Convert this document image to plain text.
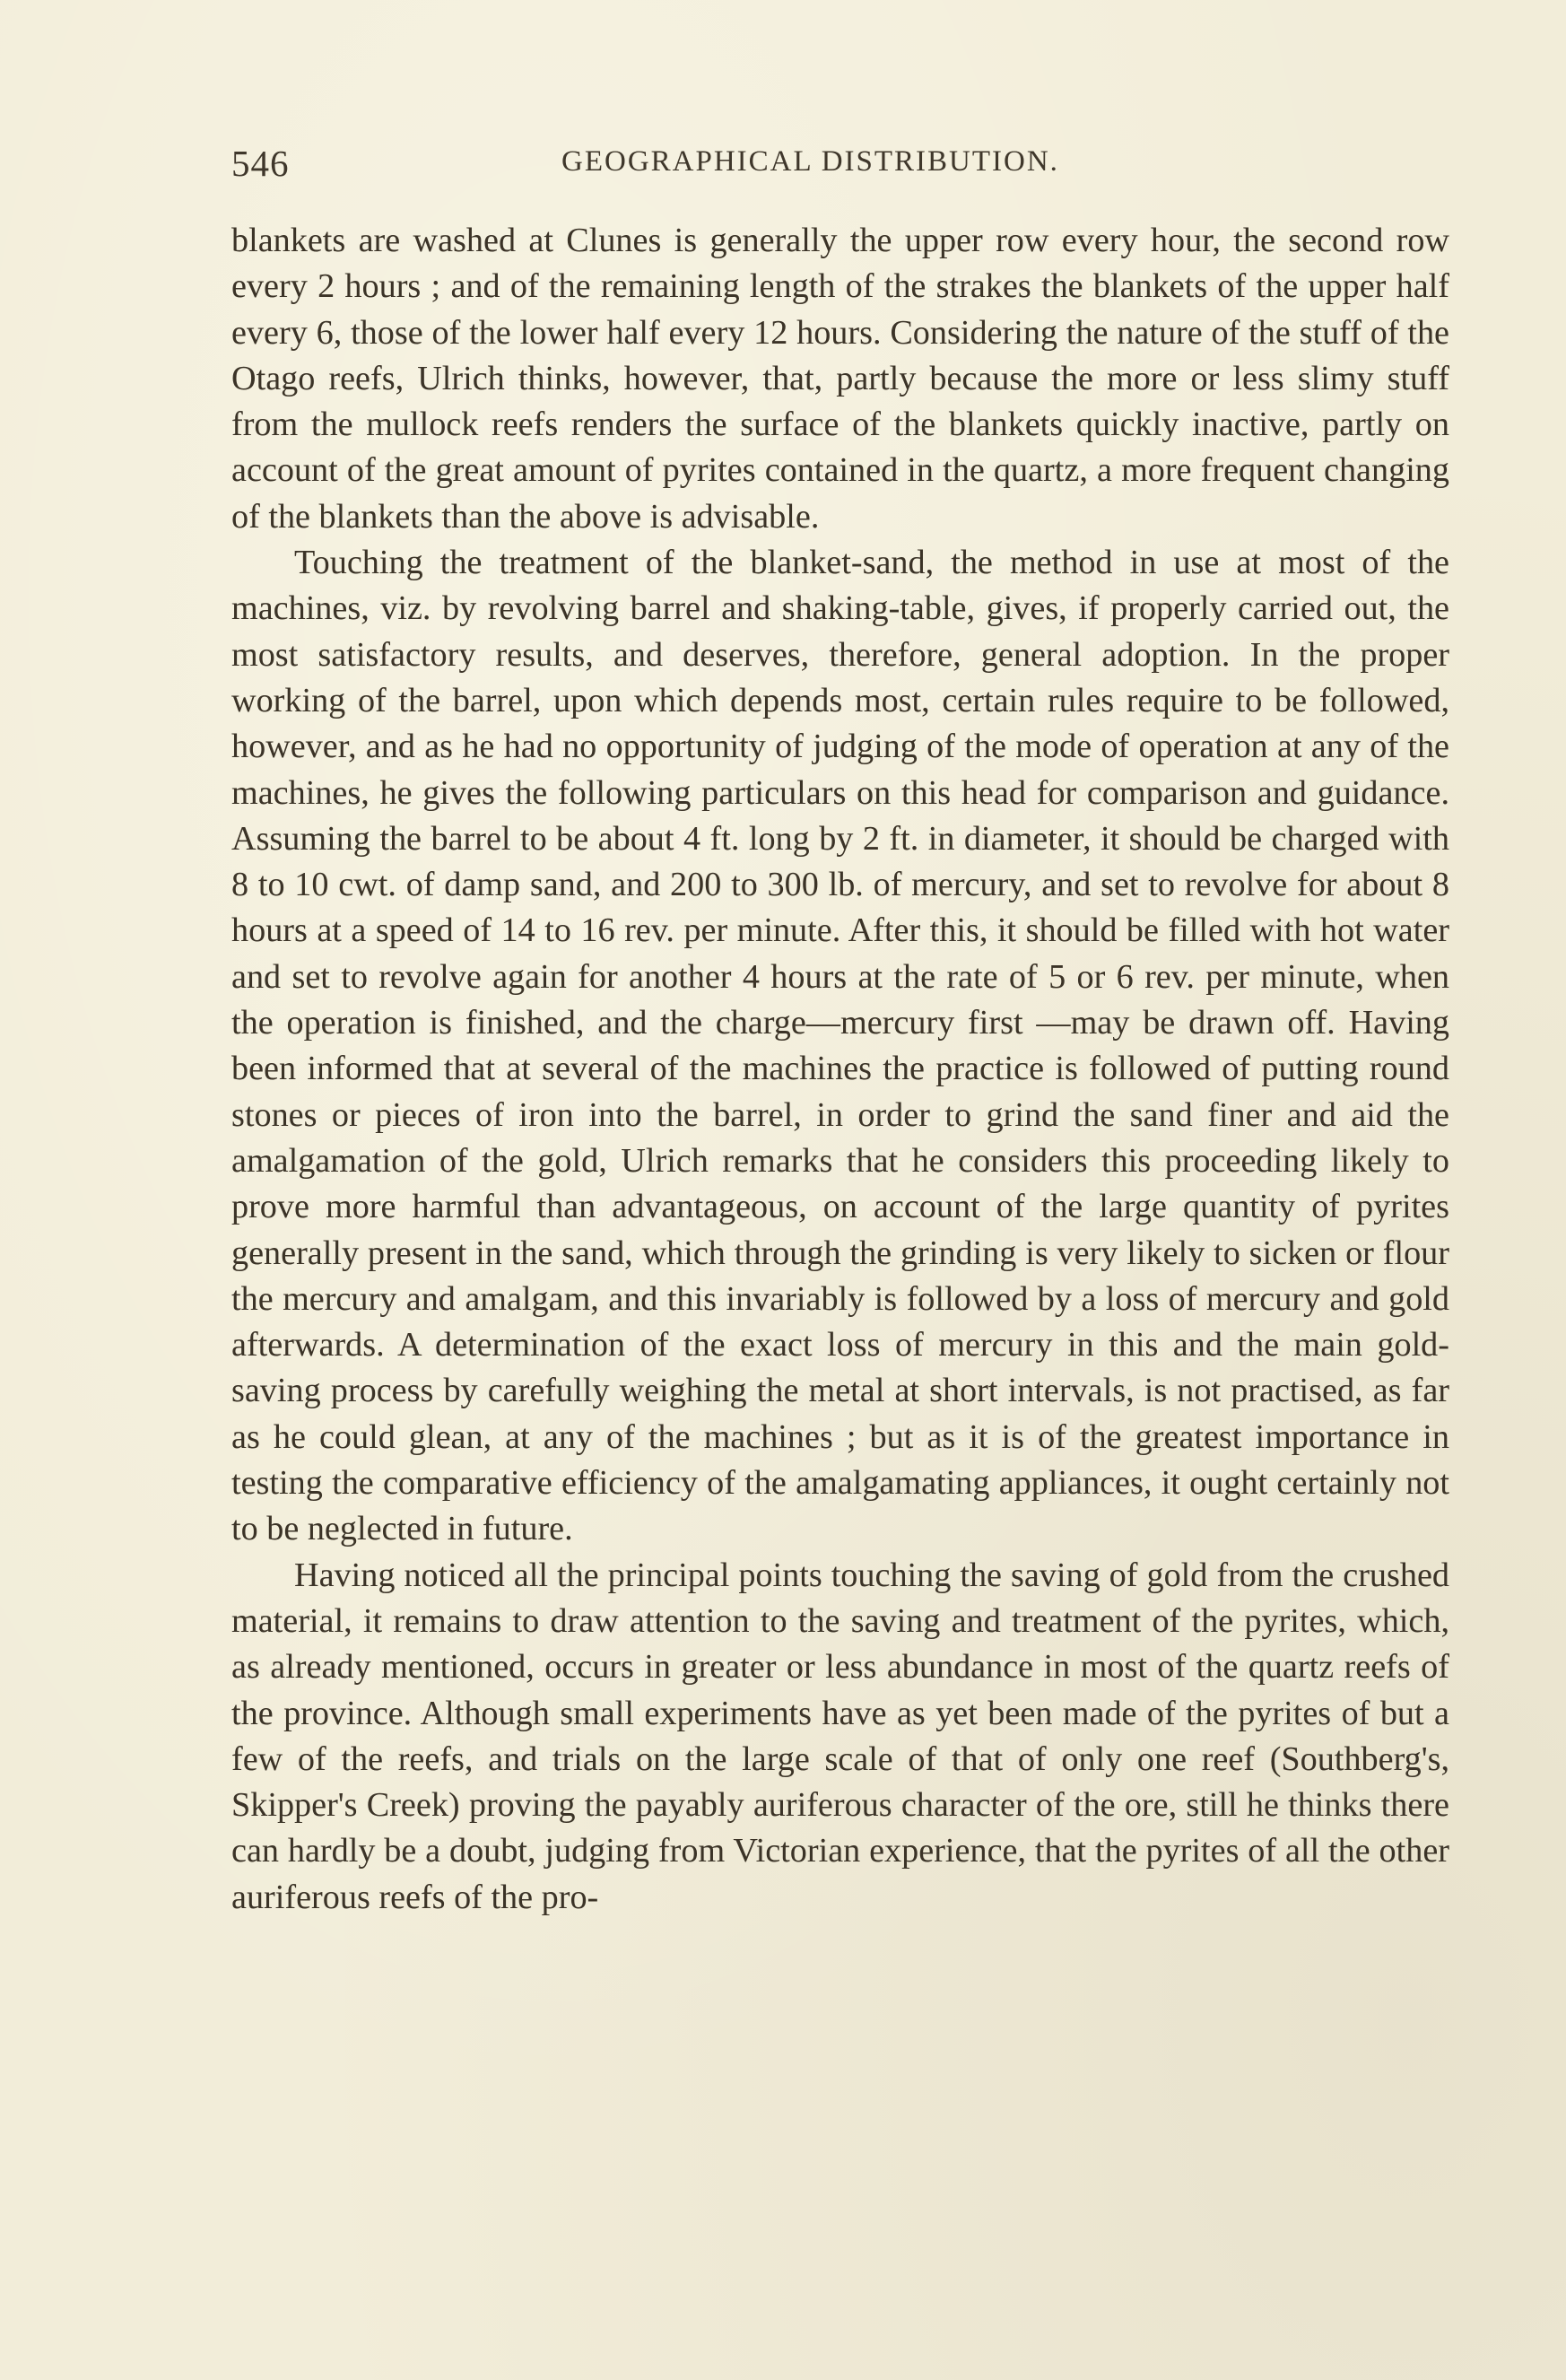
546	GEOGRAPHICAL DISTRIBUTION.

blankets are washed at Clunes is generally the upper row every hour, the second row every 2 hours ; and of the remaining length of the strakes the blankets of the upper half every 6, those of the lower half every 12 hours. Considering the nature of the stuff of the Otago reefs, Ulrich thinks, however, that, partly because the more or less slimy stuff from the mullock reefs renders the surface of the blankets quickly inactive, partly on account of the great amount of pyrites contained in the quartz, a more frequent changing of the blankets than the above is advisable.

Touching the treatment of the blanket-sand, the method in use at most of the machines, viz. by revolving barrel and shaking-table, gives, if properly carried out, the most satisfactory results, and deserves, therefore, general adoption. In the proper working of the barrel, upon which depends most, certain rules require to be followed, however, and as he had no opportunity of judging of the mode of operation at any of the machines, he gives the following particulars on this head for comparison and guidance. Assuming the barrel to be about 4 ft. long by 2 ft. in diameter, it should be charged with 8 to 10 cwt. of damp sand, and 200 to 300 lb. of mercury, and set to revolve for about 8 hours at a speed of 14 to 16 rev. per minute. After this, it should be filled with hot water and set to revolve again for another 4 hours at the rate of 5 or 6 rev. per minute, when the operation is finished, and the charge—mercury first —may be drawn off. Having been informed that at several of the machines the practice is followed of putting round stones or pieces of iron into the barrel, in order to grind the sand finer and aid the amalgamation of the gold, Ulrich remarks that he considers this proceeding likely to prove more harmful than advantageous, on account of the large quantity of pyrites generally present in the sand, which through the grinding is very likely to sicken or flour the mercury and amalgam, and this invariably is followed by a loss of mercury and gold afterwards. A determination of the exact loss of mercury in this and the main gold-saving process by carefully weighing the metal at short intervals, is not practised, as far as he could glean, at any of the machines ; but as it is of the greatest importance in testing the comparative efficiency of the amalgamating appliances, it ought certainly not to be neglected in future.

Having noticed all the principal points touching the saving of gold from the crushed material, it remains to draw attention to the saving and treatment of the pyrites, which, as already mentioned, occurs in greater or less abundance in most of the quartz reefs of the province. Although small experiments have as yet been made of the pyrites of but a few of the reefs, and trials on the large scale of that of only one reef (Southberg's, Skipper's Creek) proving the payably auriferous character of the ore, still he thinks there can hardly be a doubt, judging from Victorian experience, that the pyrites of all the other auriferous reefs of the pro-
